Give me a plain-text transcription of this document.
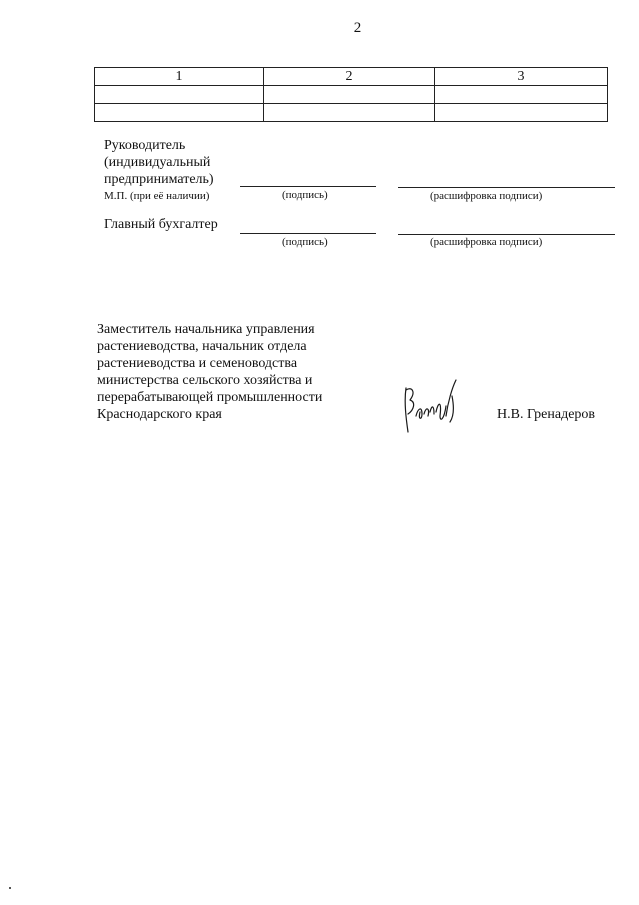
2
1	2	3

Руководитель
(индивидуальный
предприниматель)
М.П. (при её наличии)	(подпись)	(расшифровка подписи)
Главный бухгалтер
(подпись)	(расшифровка подписи)
Заместитель начальника управления
растениеводства, начальник отдела
растениеводства и семеноводства
министерства сельского хозяйства и
перерабатывающей промышленности
Краснодарского края	Н.В. Гренадеров
